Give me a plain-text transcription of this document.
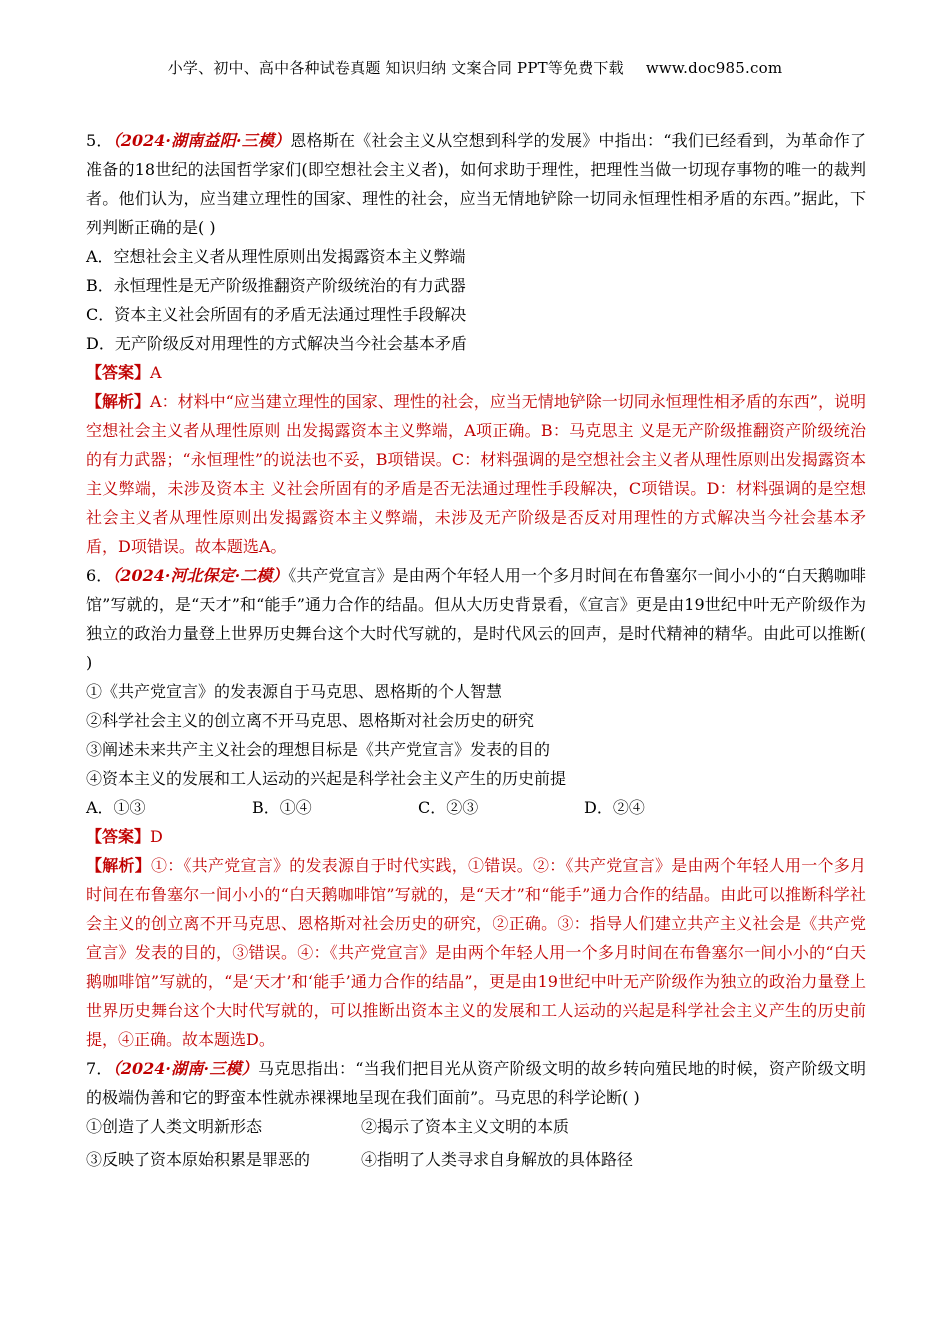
小学、初中、高中各种试卷真题 知识归纳 文案合同 PPT等免费下载 www.doc985.com

5．（2024·湖南益阳·三模）恩格斯在《社会主义从空想到科学的发展》中指出：“我们已经看到，为革命作了准备的18世纪的法国哲学家们(即空想社会主义者)，如何求助于理性，把理性当做一切现存事物的唯一的裁判者。他们认为，应当建立理性的国家、理性的社会，应当无情地铲除一切同永恒理性相矛盾的东西。”据此，下列判断正确的是( )

A．空想社会主义者从理性原则出发揭露资本主义弊端

B．永恒理性是无产阶级推翻资产阶级统治的有力武器

C．资本主义社会所固有的矛盾无法通过理性手段解决

D．无产阶级反对用理性的方式解决当今社会基本矛盾

【答案】A

【解析】A：材料中“应当建立理性的国家、理性的社会，应当无情地铲除一切同永恒理性相矛盾的东西”，说明空想社会主义者从理性原则 出发揭露资本主义弊端，A项正确。B：马克思主 义是无产阶级推翻资产阶级统治的有力武器；“永恒理性”的说法也不妥，B项错误。C：材料强调的是空想社会主义者从理性原则出发揭露资本主义弊端，未涉及资本主 义社会所固有的矛盾是否无法通过理性手段解决，C项错误。D：材料强调的是空想社会主义者从理性原则出发揭露资本主义弊端，未涉及无产阶级是否反对用理性的方式解决当今社会基本矛盾，D项错误。故本题选A。

6．（2024·河北保定·二模）《共产党宣言》是由两个年轻人用一个多月时间在布鲁塞尔一间小小的“白天鹅咖啡馆”写就的，是“天才”和“能手”通力合作的结晶。但从大历史背景看，《宣言》更是由19世纪中叶无产阶级作为独立的政治力量登上世界历史舞台这个大时代写就的，是时代风云的回声，是时代精神的精华。由此可以推断( )

①《共产党宣言》的发表源自于马克思、恩格斯的个人智慧

②科学社会主义的创立离不开马克思、恩格斯对社会历史的研究

③阐述未来共产主义社会的理想目标是《共产党宣言》发表的目的

④资本主义的发展和工人运动的兴起是科学社会主义产生的历史前提

A．①③	B．①④	C．②③	D．②④

【答案】D

【解析】①：《共产党宣言》的发表源自于时代实践，①错误。②：《共产党宣言》是由两个年轻人用一个多月时间在布鲁塞尔一间小小的“白天鹅咖啡馆”写就的，是“天才”和“能手”通力合作的结晶。由此可以推断科学社会主义的创立离不开马克思、恩格斯对社会历史的研究，②正确。③：指导人们建立共产主义社会是《共产党宣言》发表的目的，③错误。④：《共产党宣言》是由两个年轻人用一个多月时间在布鲁塞尔一间小小的“白天鹅咖啡馆”写就的，“是‘天才’和‘能手’通力合作的结晶”，更是由19世纪中叶无产阶级作为独立的政治力量登上世界历史舞台这个大时代写就的，可以推断出资本主义的发展和工人运动的兴起是科学社会主义产生的历史前提，④正确。故本题选D。

7．（2024·湖南·三模）马克思指出：“当我们把目光从资产阶级文明的故乡转向殖民地的时候，资产阶级文明的极端伪善和它的野蛮本性就赤裸裸地呈现在我们面前”。马克思的科学论断( )

①创造了人类文明新形态	②揭示了资本主义文明的本质
③反映了资本原始积累是罪恶的	④指明了人类寻求自身解放的具体路径
